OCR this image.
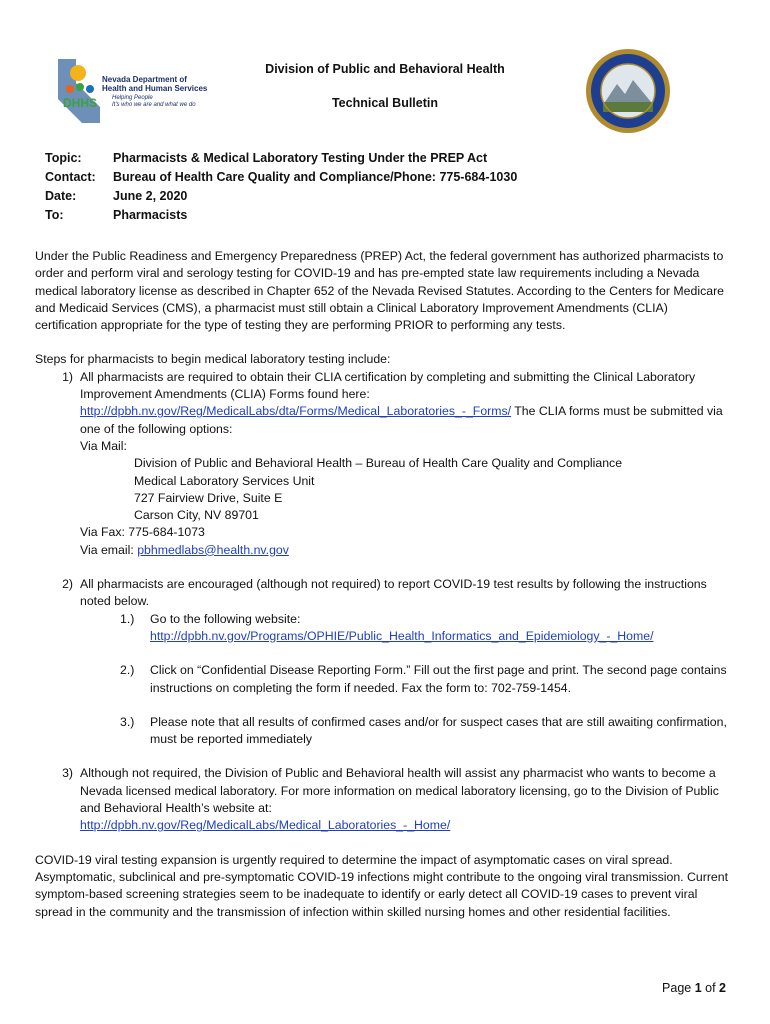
DHHS
Nevada Department of
Health and Human Services
Helping People
It's who we are and what we do
Division of Public and Behavioral Health
Technical Bulletin
Topic:	Pharmacists & Medical Laboratory Testing Under the PREP Act
Contact:	Bureau of Health Care Quality and Compliance/Phone: 775-684-1030
Date:	June 2, 2020
To:	Pharmacists

Under the Public Readiness and Emergency Preparedness (PREP) Act, the federal government has authorized pharmacists to order and perform viral and serology testing for COVID-19 and has pre-empted state law requirements including a Nevada medical laboratory license as described in Chapter 652 of the Nevada Revised Statutes. According to the Centers for Medicare and Medicaid Services (CMS), a pharmacist must still obtain a Clinical Laboratory Improvement Amendments (CLIA) certification appropriate for the type of testing they are performing PRIOR to performing any tests.

Steps for pharmacists to begin medical laboratory testing include:

1) All pharmacists are required to obtain their CLIA certification by completing and submitting the Clinical Laboratory Improvement Amendments (CLIA) Forms found here:
http://dpbh.nv.gov/Reg/MedicalLabs/dta/Forms/Medical_Laboratories_-_Forms/ The CLIA forms must be submitted via one of the following options:
Via Mail:
Division of Public and Behavioral Health – Bureau of Health Care Quality and Compliance
Medical Laboratory Services Unit
727 Fairview Drive, Suite E
Carson City, NV 89701
Via Fax: 775-684-1073
Via email: pbhmedlabs@health.nv.gov
2) All pharmacists are encouraged (although not required) to report COVID-19 test results by following the instructions noted below.
1.)	Go to the following website:
http://dpbh.nv.gov/Programs/OPHIE/Public_Health_Informatics_and_Epidemiology_-_Home/
2.)	Click on “Confidential Disease Reporting Form.” Fill out the first page and print. The second page contains instructions on completing the form if needed. Fax the form to: 702-759-1454.
3.)	Please note that all results of confirmed cases and/or for suspect cases that are still awaiting confirmation, must be reported immediately
3) Although not required, the Division of Public and Behavioral health will assist any pharmacist who wants to become a Nevada licensed medical laboratory. For more information on medical laboratory licensing, go to the Division of Public and Behavioral Health’s website at:
http://dpbh.nv.gov/Reg/MedicalLabs/Medical_Laboratories_-_Home/

COVID-19 viral testing expansion is urgently required to determine the impact of asymptomatic cases on viral spread. Asymptomatic, subclinical and pre-symptomatic COVID-19 infections might contribute to the ongoing viral transmission. Current symptom-based screening strategies seem to be inadequate to identify or early detect all COVID-19 cases to prevent viral spread in the community and the transmission of infection within skilled nursing homes and other residential facilities.

Page 1 of 2
